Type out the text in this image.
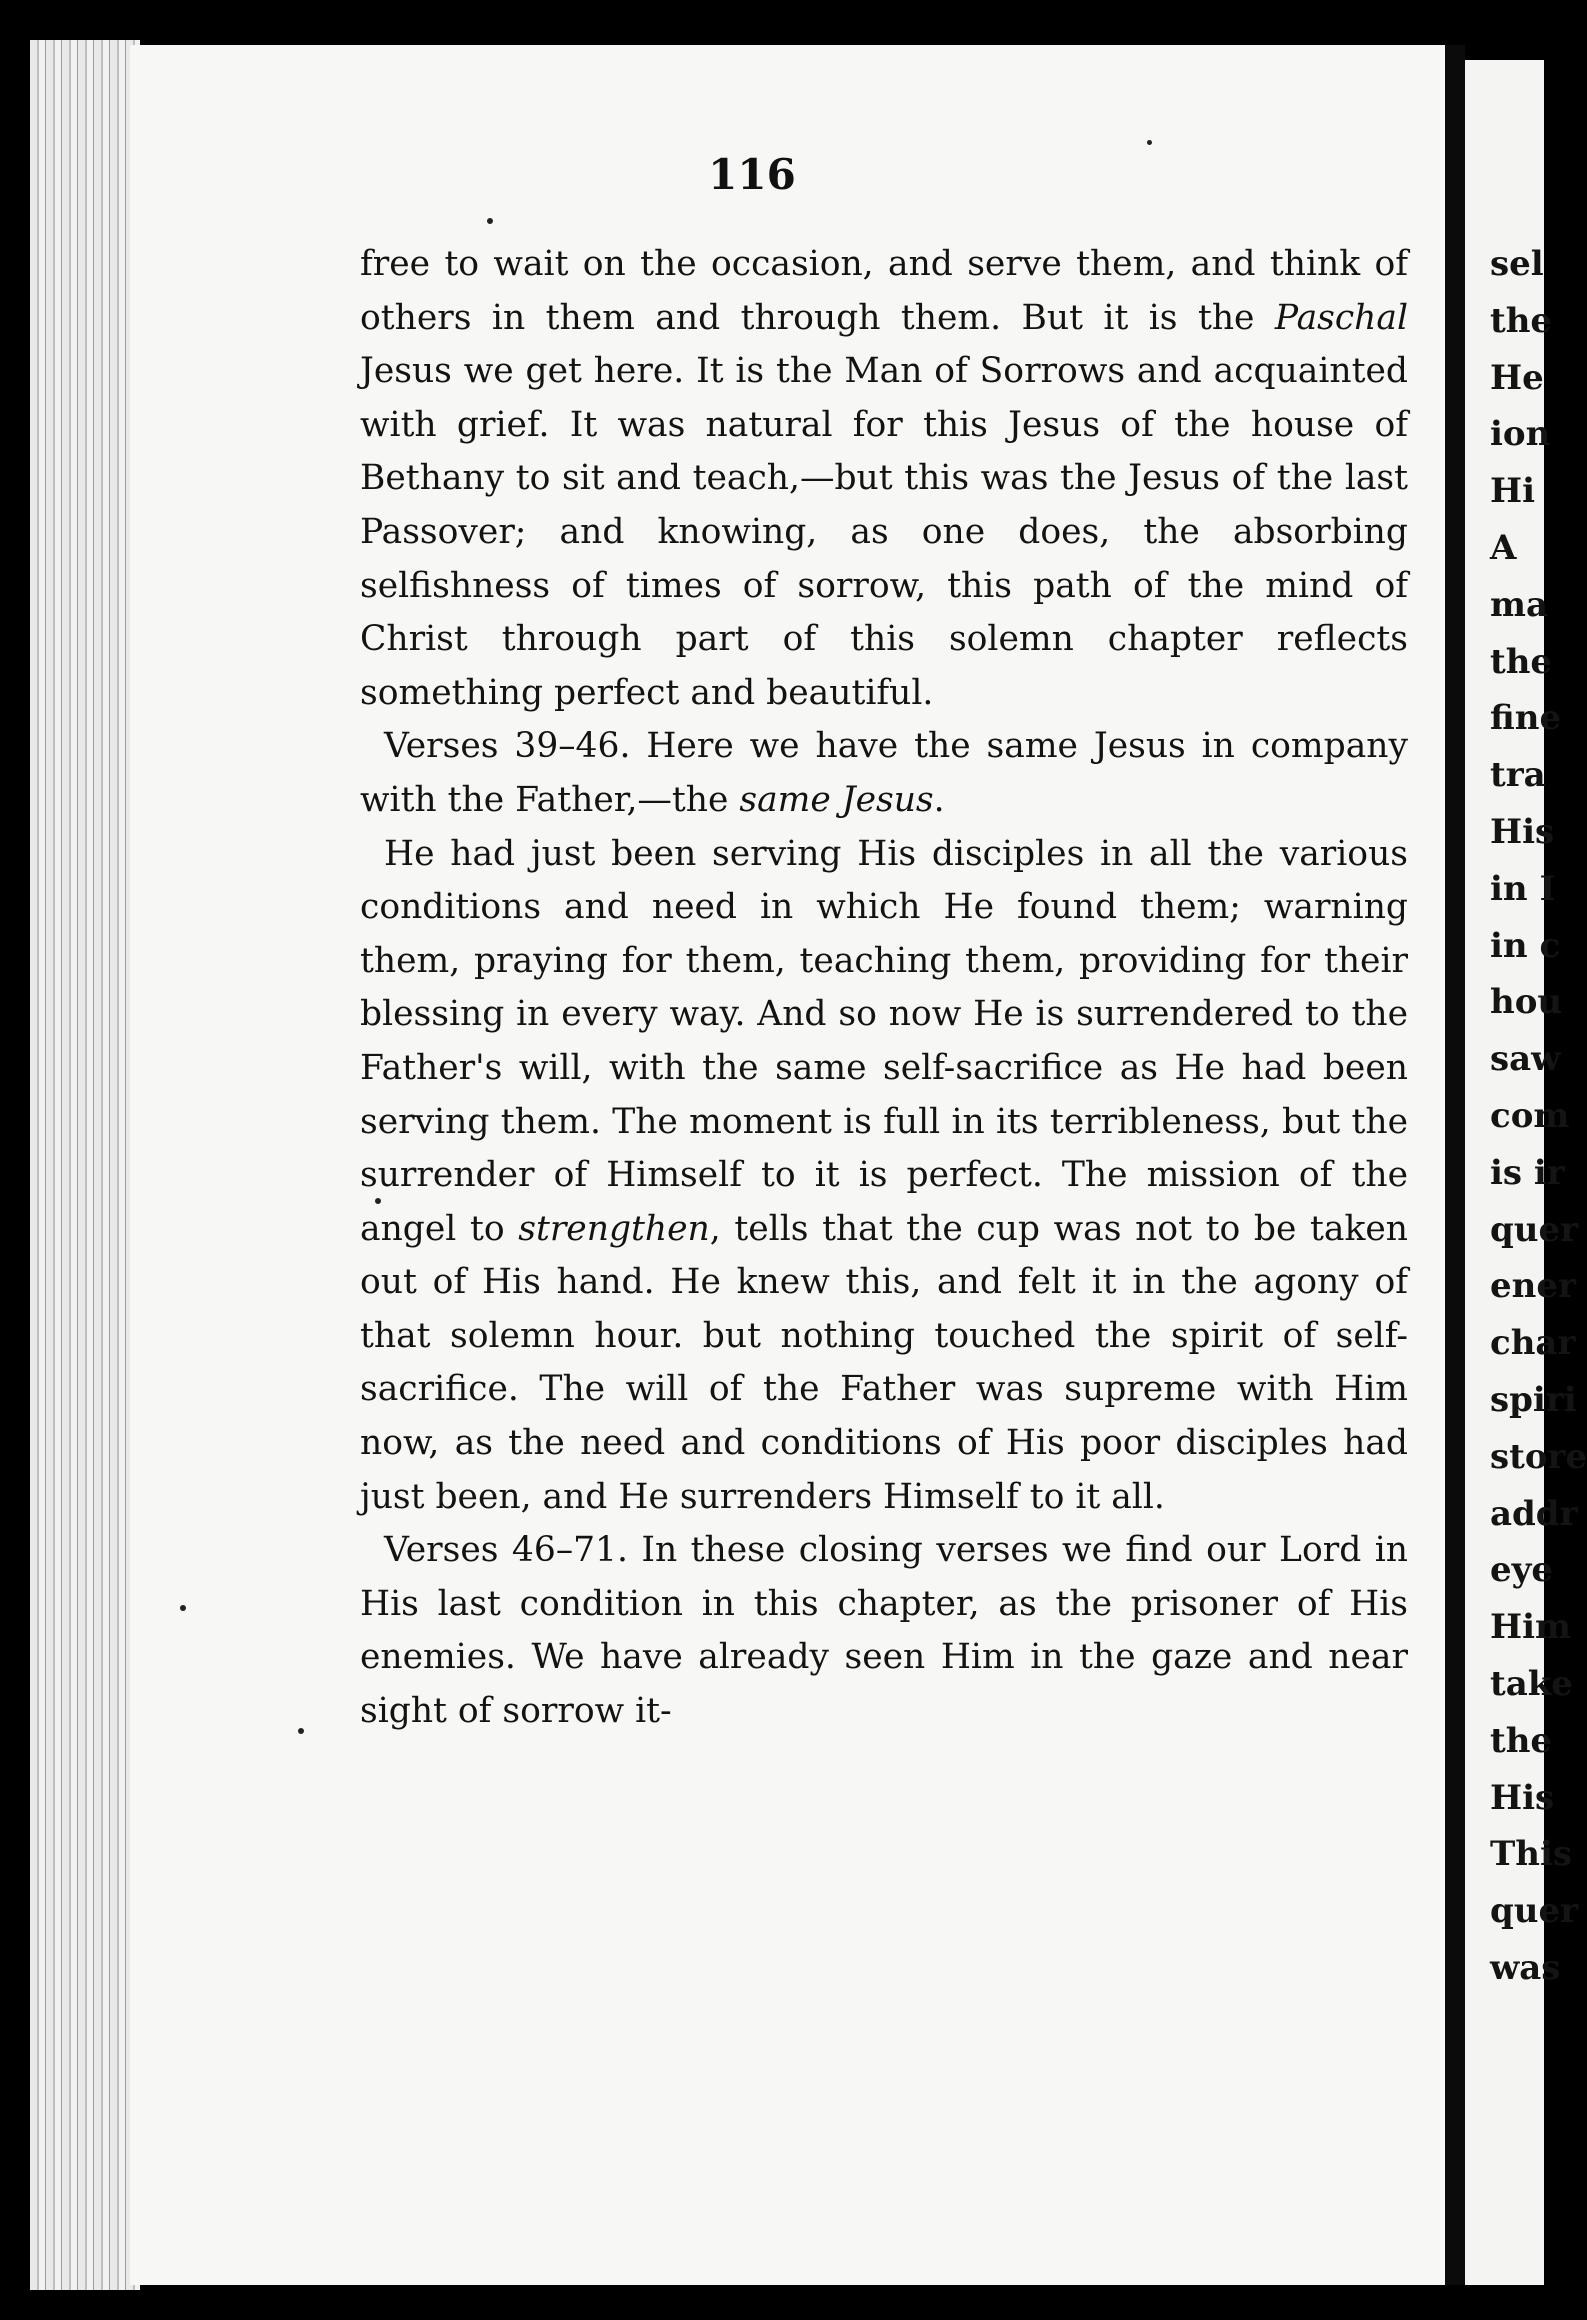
sel
the
He
ion
Hi
A
ma
the
fine
tra
His
in I
in c
hou
saw
com
is ir
quer
ener
char
spiri
store
addr
eye
Him
take
the
His
This
quer
was
116

free to wait on the occasion, and serve them, and think of others in them and through them. But it is the Paschal Jesus we get here. It is the Man of Sorrows and acquainted with grief. It was natural for this Jesus of the house of Bethany to sit and teach,—but this was the Jesus of the last Passover; and knowing, as one does, the absorbing selfishness of times of sorrow, this path of the mind of Christ through part of this solemn chapter reflects something perfect and beautiful.

Verses 39–46. Here we have the same Jesus in company with the Father,—the same Jesus.

He had just been serving His disciples in all the various conditions and need in which He found them; warning them, praying for them, teaching them, providing for their blessing in every way. And so now He is surrendered to the Father's will, with the same self-sacrifice as He had been serving them. The moment is full in its terribleness, but the surrender of Himself to it is perfect. The mission of the angel to strengthen, tells that the cup was not to be taken out of His hand. He knew this, and felt it in the agony of that solemn hour. but nothing touched the spirit of self-sacrifice. The will of the Father was supreme with Him now, as the need and conditions of His poor disciples had just been, and He surrenders Himself to it all.

Verses 46–71. In these closing verses we find our Lord in His last condition in this chapter, as the prisoner of His enemies. We have already seen Him in the gaze and near sight of sorrow it-
